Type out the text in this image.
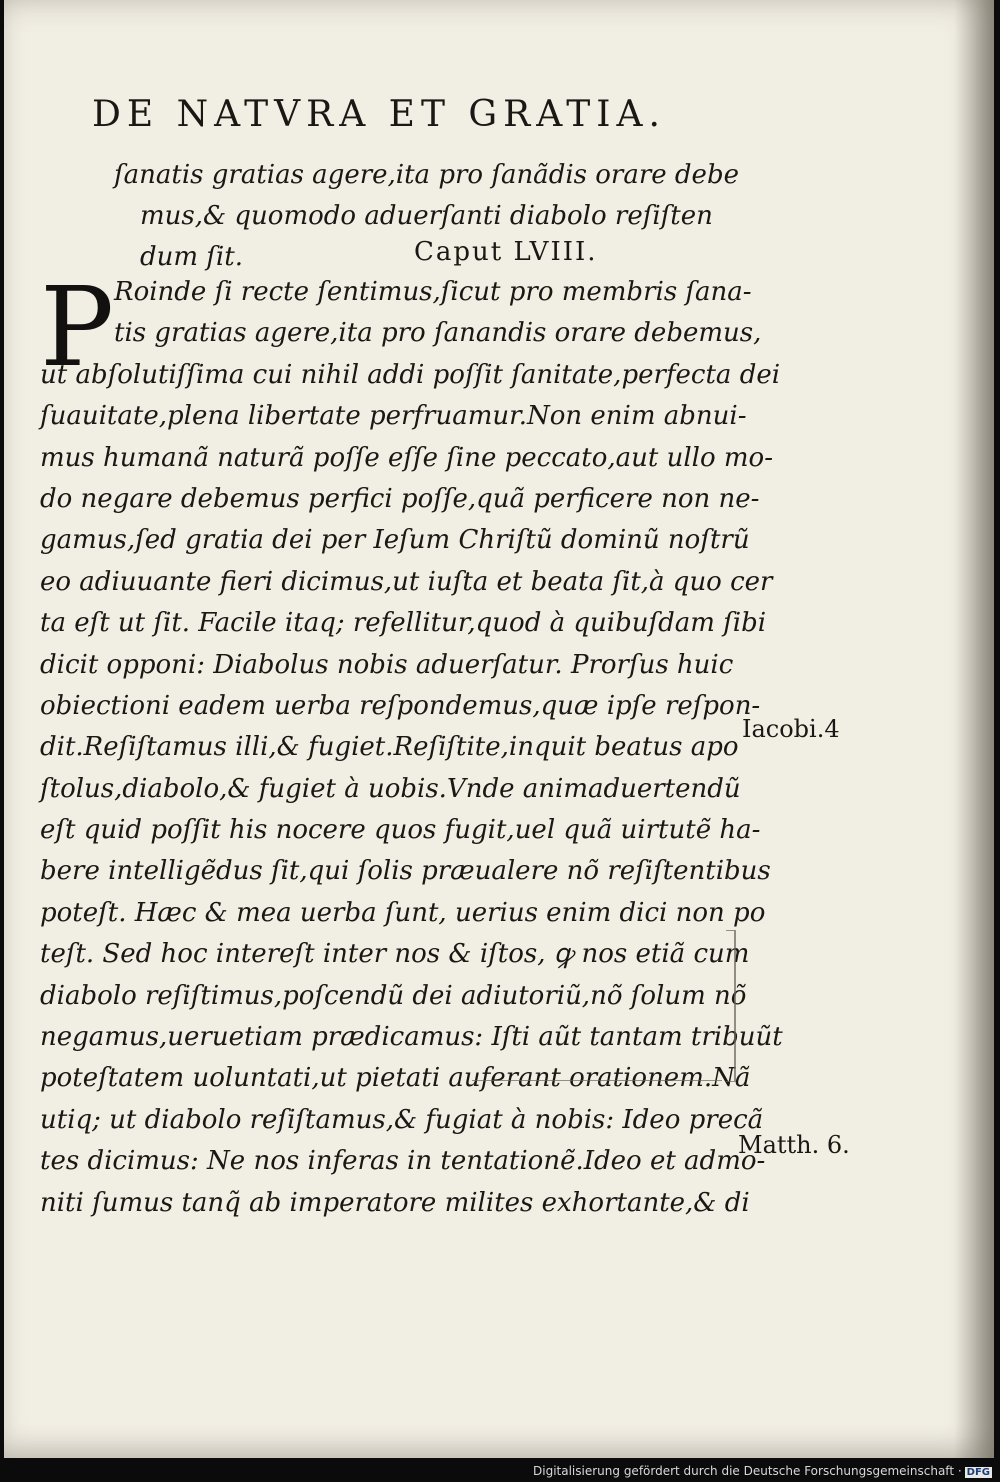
DE NATVRA ET GRATIA.
ſanatis gratias agere,ita pro ſanãdis orare debe
mus,& quomodo aduerſanti diabolo reſiſten
dum ſit.	Caput LVIII.
P Roinde ſi recte ſentimus,ſicut pro membris ſana-
tis gratias agere,ita pro ſanandis orare debemus,
ut abſolutiſſima cui nihil addi poſſit ſanitate,perfecta dei
ſuauitate,plena libertate perfruamur.Non enim abnui-
mus humanã naturã poſſe eſſe ſine peccato,aut ullo mo-
do negare debemus perfici poſſe,quã perficere non ne-
gamus,ſed gratia dei per Ieſum Chriſtũ dominũ noſtrũ
eo adiuuante fieri dicimus,ut iuſta et beata ſit,à quo cer
ta eſt ut ſit. Facile itaq; refellitur,quod à quibuſdam ſibi
dicit opponi: Diabolus nobis aduerſatur. Prorſus huic
obiectioni eadem uerba reſpondemus,quæ ipſe reſpon-
dit.Reſiſtamus illi,& fugiet.Reſiſtite,inquit beatus apo
ſtolus,diabolo,& fugiet à uobis.Vnde animaduertendũ
eſt quid poſſit his nocere quos fugit,uel quã uirtutẽ ha-
bere intelligẽdus ſit,qui ſolis præualere nõ reſiſtentibus
poteſt. Hæc & mea uerba ſunt, uerius enim dici non po
teſt. Sed hoc intereſt inter nos & iſtos, ꝙ nos etiã cum
diabolo reſiſtimus,poſcendũ dei adiutoriũ,nõ ſolum nõ
negamus,ueruetiam prædicamus: Iſti aũt tantam tribuũt
poteſtatem uoluntati,ut pietati auferant orationem.Nã
utiq; ut diabolo reſiſtamus,& fugiat à nobis: Ideo precã
tes dicimus: Ne nos inferas in tentationẽ.Ideo et admo-
niti ſumus tanq̃ ab imperatore milites exhortante,& di
Iacobi.4
Matth. 6.
Digitalisierung gefördert durch die Deutsche Forschungsgemeinschaft · DFG
